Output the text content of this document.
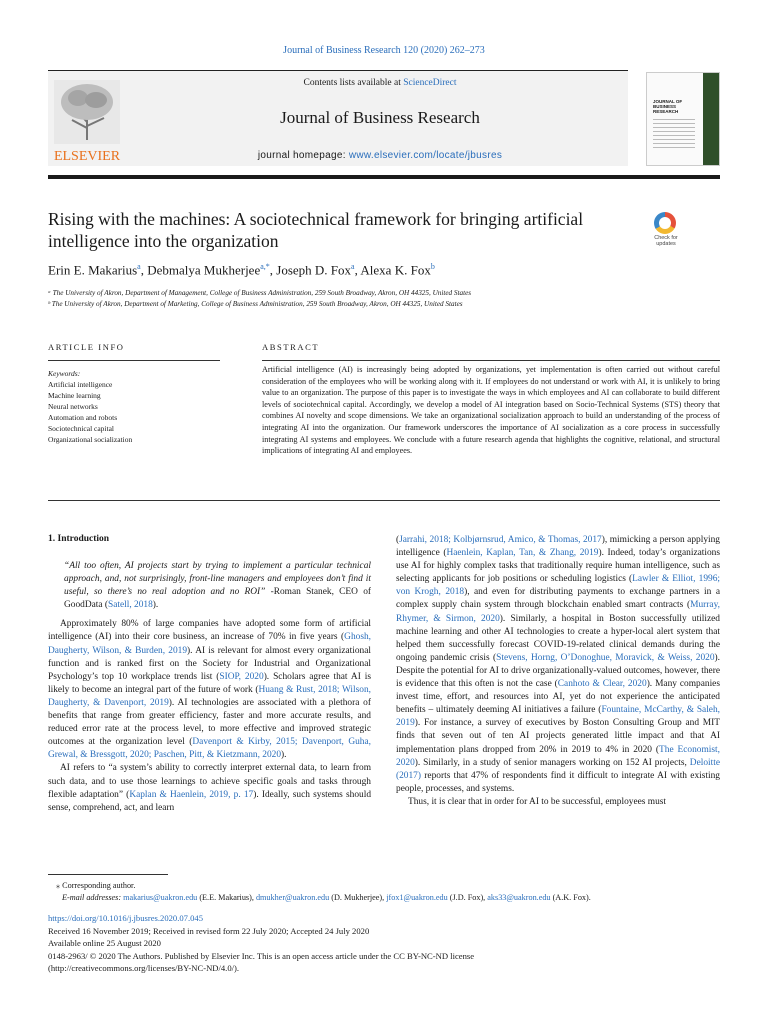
Journal of Business Research 120 (2020) 262–273
ELSEVIER
Contents lists available at ScienceDirect
Journal of Business Research
journal homepage: www.elsevier.com/locate/jbusres
JOURNAL OF BUSINESS RESEARCH
Rising with the machines: A sociotechnical framework for bringing artificial intelligence into the organization	Check for updates
Erin E. Makarius$^a$, Debmalya Mukherjee$^{a,*}$, Joseph D. Fox$^a$, Alexa K. Fox$^b$
ᵃ The University of Akron, Department of Management, College of Business Administration, 259 South Broadway, Akron, OH 44325, United States
ᵇ The University of Akron, Department of Marketing, College of Business Administration, 259 South Broadway, Akron, OH 44325, United States
ARTICLE INFO	ABSTRACT
Keywords:
Artificial intelligence
Machine learning
Neural networks
Automation and robots
Sociotechnical capital
Organizational socialization
Artificial intelligence (AI) is increasingly being adopted by organizations, yet implementation is often carried out without careful consideration of the employees who will be working along with it. If employees do not understand or work with AI, it is unlikely to bring value to an organization. The purpose of this paper is to investigate the ways in which employees and AI can collaborate to build different levels of sociotechnical capital. Accordingly, we develop a model of AI integration based on Socio-Technical Systems (STS) theory that combines AI novelty and scope dimensions. We take an organizational socialization approach to build an understanding of the process of integrating AI into the organization. Our framework underscores the importance of AI socialization as a core process in successfully integrating AI systems and employees. We conclude with a future research agenda that highlights the cognitive, relational, and structural implications of integrating AI and employees.
1. Introduction

“All too often, AI projects start by trying to implement a particular technical approach, and, not surprisingly, front-line managers and employees don’t find it useful, so there’s no real adoption and no ROI” -Roman Stanek, CEO of GoodData (Satell, 2018).

Approximately 80% of large companies have adopted some form of artificial intelligence (AI) into their core business, an increase of 70% in five years (Ghosh, Daugherty, Wilson, & Burden, 2019). AI is relevant for almost every organizational function and is ranked first on the Society for Industrial and Organizational Psychology’s top 10 workplace trends list (SIOP, 2020). Scholars agree that AI is likely to become an integral part of the future of work (Huang & Rust, 2018; Wilson, Daugherty, & Davenport, 2019). AI technologies are associated with a plethora of benefits that range from greater efficiency, faster and more accurate results, and reduced error rate at the process level, to more effective and improved strategic outcomes at the organization level (Davenport & Kirby, 2015; Davenport, Guha, Grewal, & Bressgott, 2020; Paschen, Pitt, & Kietzmann, 2020).

AI refers to “a system’s ability to correctly interpret external data, to learn from such data, and to use those learnings to achieve specific goals and tasks through flexible adaptation” (Kaplan & Haenlein, 2019, p. 17). Ideally, such systems should sense, comprehend, act, and learn

(Jarrahi, 2018; Kolbjørnsrud, Amico, & Thomas, 2017), mimicking a person applying intelligence (Haenlein, Kaplan, Tan, & Zhang, 2019). Indeed, today’s organizations use AI for highly complex tasks that traditionally require human intelligence, such as selecting applicants for job positions or scheduling logistics (Lawler & Elliot, 1996; von Krogh, 2018), and even for distributing payments to exchange partners in a complex supply chain system through blockchain enabled smart contracts (Murray, Rhymer, & Sirmon, 2020). Similarly, a hospital in Boston successfully utilized machine learning and other AI technologies to create a hyper-local alert system that helped them successfully forecast COVID-19-related clinical demands during the ongoing pandemic crisis (Stevens, Horng, O’Donoghue, Moravick, & Weiss, 2020). Despite the potential for AI to drive organizationally-valued outcomes, however, there is evidence that this often is not the case (Canhoto & Clear, 2020). Many companies invest time, effort, and resources into AI, yet do not experience the anticipated benefits – ultimately deeming AI initiatives a failure (Fountaine, McCarthy, & Saleh, 2019). For instance, a survey of executives by Boston Consulting Group and MIT finds that seven out of ten AI projects generated little impact and that AI implementation plans dropped from 20% in 2019 to 4% in 2020 (The Economist, 2020). Similarly, in a study of senior managers working on 152 AI projects, Deloitte (2017) reports that 47% of respondents find it difficult to integrate AI with existing people, processes, and systems.

Thus, it is clear that in order for AI to be successful, employees must

⁎ Corresponding author.
E-mail addresses: makarius@uakron.edu (E.E. Makarius), dmukher@uakron.edu (D. Mukherjee), jfox1@uakron.edu (J.D. Fox), aks33@uakron.edu (A.K. Fox).
https://doi.org/10.1016/j.jbusres.2020.07.045
Received 16 November 2019; Received in revised form 22 July 2020; Accepted 24 July 2020
Available online 25 August 2020
0148-2963/ © 2020 The Authors. Published by Elsevier Inc. This is an open access article under the CC BY-NC-ND license
(http://creativecommons.org/licenses/BY-NC-ND/4.0/).
